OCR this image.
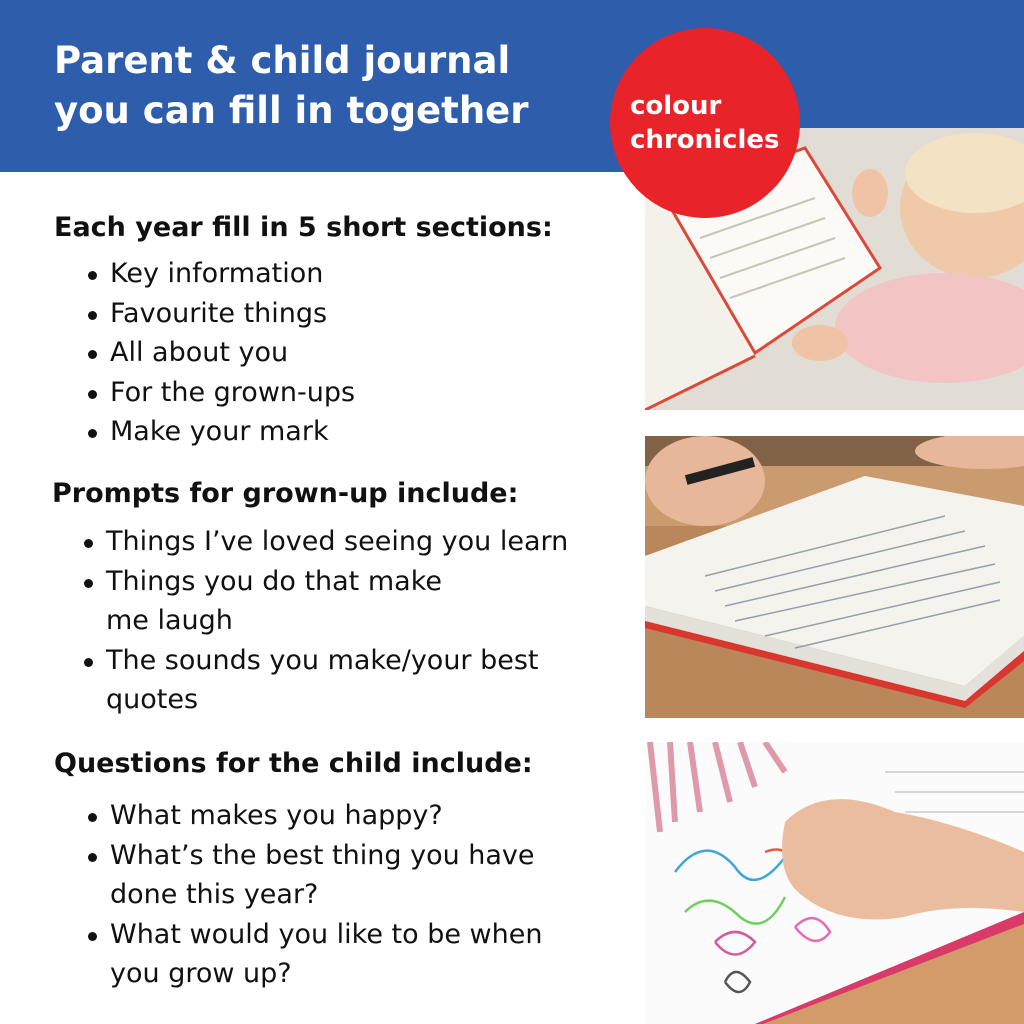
Parent & child journal
you can fill in together	colour
chronicles
Each year fill in 5 short sections:
Key information
Favourite things
All about you
For the grown-ups
Make your mark
Prompts for grown-up include:
Things I’ve loved seeing you learn
Things you do that make
me laugh
The sounds you make/your best
quotes
Questions for the child include:
What makes you happy?
What’s the best thing you have
done this year?
What would you like to be when
you grow up?
